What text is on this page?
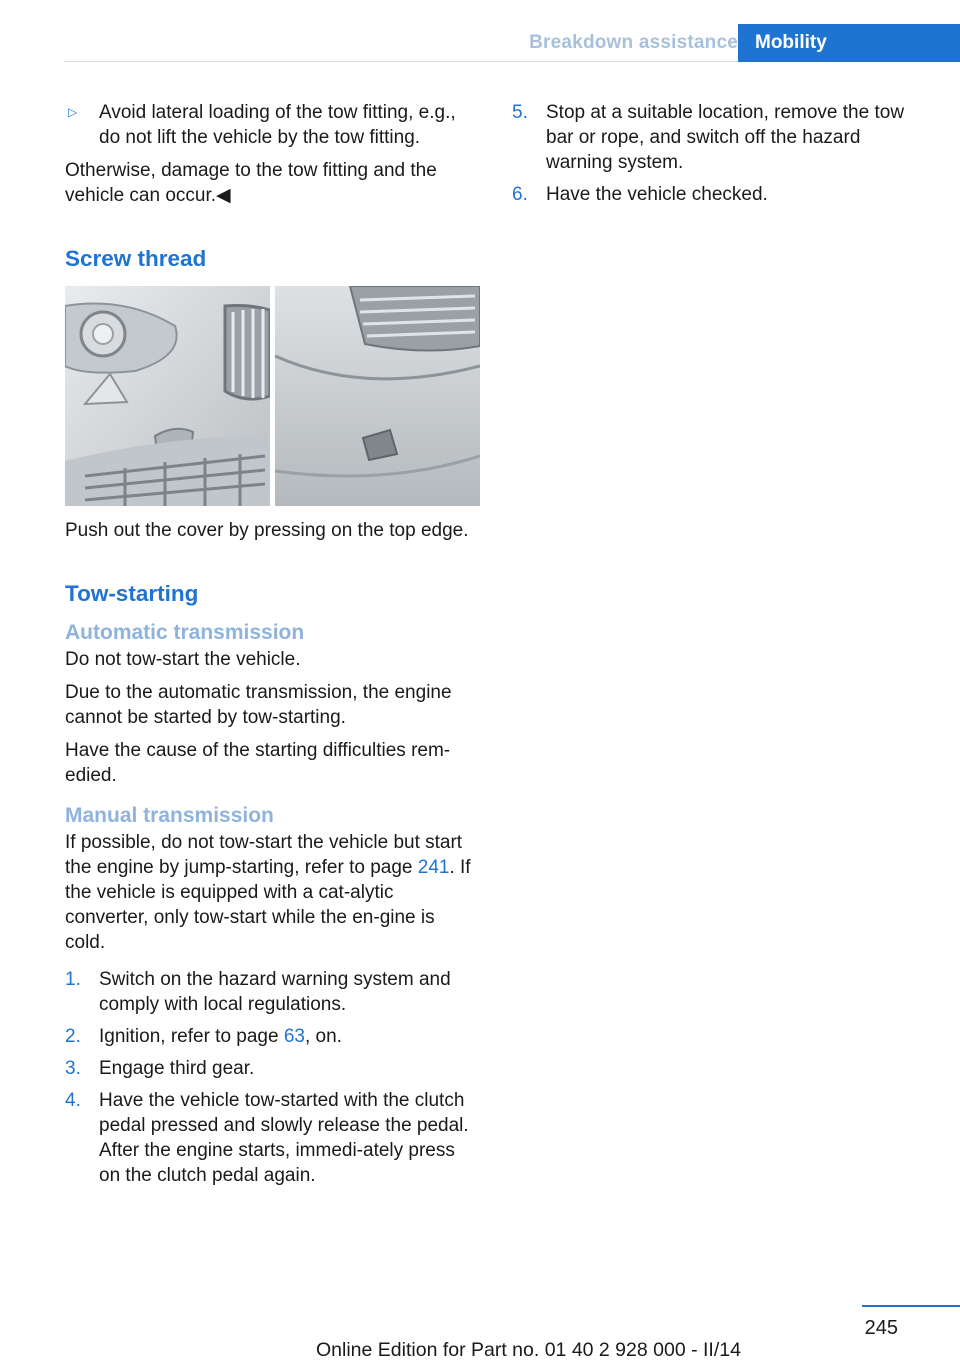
Breakdown assistance Mobility
▷	Avoid lateral loading of the tow fitting, e.g., do not lift the vehicle by the tow fitting.

Otherwise, damage to the tow fitting and the vehicle can occur.◀

Screw thread

Push out the cover by pressing on the top edge.

Tow-starting
Automatic transmission

Do not tow-start the vehicle.

Due to the automatic transmission, the engine cannot be started by tow-starting.

Have the cause of the starting difficulties rem‐edied.

Manual transmission

If possible, do not tow-start the vehicle but start the engine by jump-starting, refer to page 241. If the vehicle is equipped with a cat‐alytic converter, only tow-start while the en‐gine is cold.

1. Switch on the hazard warning system and comply with local regulations.
2. Ignition, refer to page 63, on.
3. Engage third gear.
4. Have the vehicle tow-started with the clutch pedal pressed and slowly release the pedal. After the engine starts, immedi‐ately press on the clutch pedal again.
5. Stop at a suitable location, remove the tow bar or rope, and switch off the hazard warning system.
6. Have the vehicle checked.
245
Online Edition for Part no. 01 40 2 928 000 - II/14
